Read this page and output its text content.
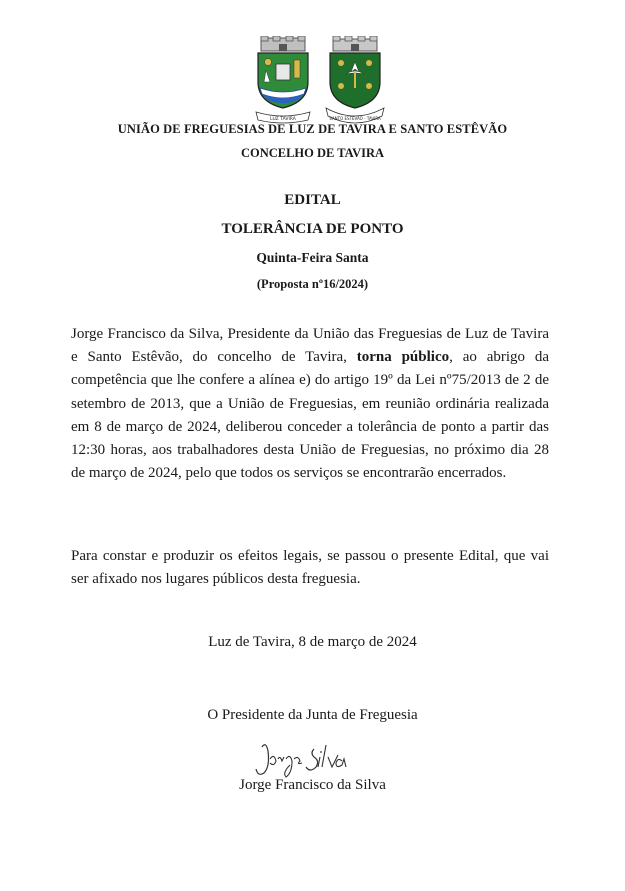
LUZ TAVIRA	SANTO ESTÊVÃO - TAVIRA
UNIÃO DE FREGUESIAS DE LUZ DE TAVIRA E SANTO ESTÊVÃO
CONCELHO DE TAVIRA
EDITAL
TOLERÂNCIA DE PONTO
Quinta-Feira Santa
(Proposta nº16/2024)

Jorge Francisco da Silva, Presidente da União das Freguesias de Luz de Tavira e Santo Estêvão, do concelho de Tavira, torna público, ao abrigo da competência que lhe confere a alínea e) do artigo 19º da Lei nº75/2013 de 2 de setembro de 2013, que a União de Freguesias, em reunião ordinária realizada em 8 de março de 2024, deliberou conceder a tolerância de ponto a partir das 12:30 horas, aos trabalhadores desta União de Freguesias, no próximo dia 28 de março de 2024, pelo que todos os serviços se encontrarão encerrados.

Para constar e produzir os efeitos legais, se passou o presente Edital, que vai ser afixado nos lugares públicos desta freguesia.

Luz de Tavira, 8 de março de 2024
O Presidente da Junta de Freguesia
Jorge Francisco da Silva
